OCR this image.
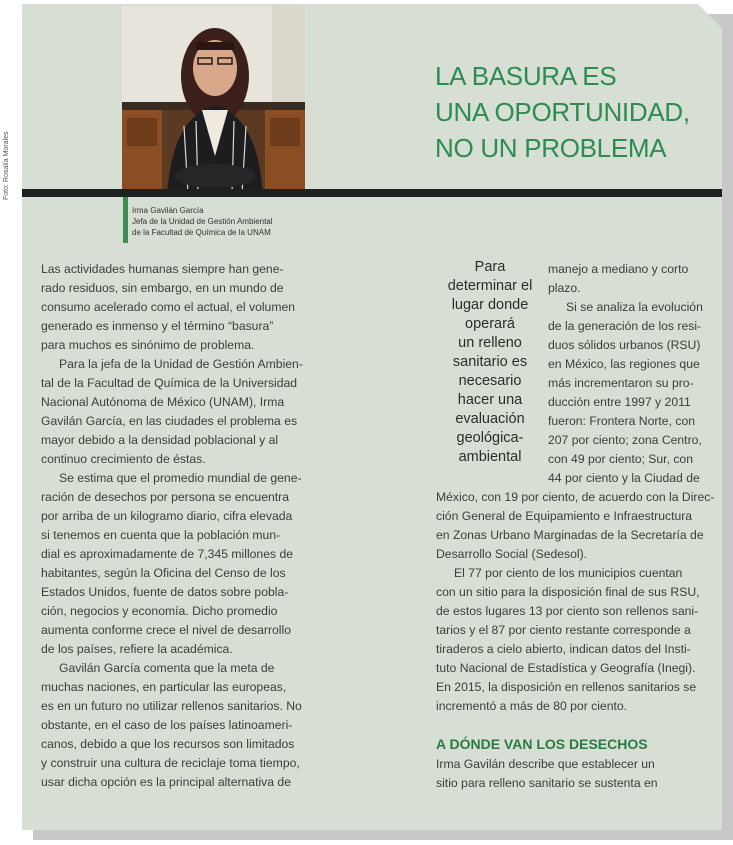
Foto: Rosalía Morales
LA BASURA ES
UNA OPORTUNIDAD,
NO UN PROBLEMA
Irma Gavilán García
Jefa de la Unidad de Gestión Ambiental
de la Facultad de Química de la UNAM
Las actividades humanas siempre han gene-
rado residuos, sin embargo, en un mundo de
consumo acelerado como el actual, el volumen
generado es inmenso y el término “basura”
para muchos es sinónimo de problema.
Para la jefa de la Unidad de Gestión Ambien-
tal de la Facultad de Química de la Universidad
Nacional Autónoma de México (UNAM), Irma
Gavilán García, en las ciudades el problema es
mayor debido a la densidad poblacional y al
continuo crecimiento de éstas.
Se estima que el promedio mundial de gene-
ración de desechos por persona se encuentra
por arriba de un kilogramo diario, cifra elevada
si tenemos en cuenta que la población mun-
dial es aproximadamente de 7,345 millones de
habitantes, según la Oficina del Censo de los
Estados Unidos, fuente de datos sobre pobla-
ción, negocios y economía. Dicho promedio
aumenta conforme crece el nivel de desarrollo
de los países, refiere la académica.
Gavilán García comenta que la meta de
muchas naciones, en particular las europeas,
es en un futuro no utilizar rellenos sanitarios. No
obstante, en el caso de los países latinoameri-
canos, debido a que los recursos son limitados
y construir una cultura de reciclaje toma tiempo,
usar dicha opción es la principal alternativa de
Para
determinar el
lugar donde
operará
un relleno
sanitario es
necesario
hacer una
evaluación
geológica-
ambiental
manejo a mediano y corto
plazo.
Si se analiza la evolución
de la generación de los resi-
duos sólidos urbanos (RSU)
en México, las regiones que
más incrementaron su pro-
ducción entre 1997 y 2011
fueron: Frontera Norte, con
207 por ciento; zona Centro,
con 49 por ciento; Sur, con
44 por ciento y la Ciudad de
México, con 19 por ciento, de acuerdo con la Direc-
ción General de Equipamiento e Infraestructura
en Zonas Urbano Marginadas de la Secretaría de
Desarrollo Social (Sedesol).
El 77 por ciento de los municipios cuentan
con un sitio para la disposición final de sus RSU,
de estos lugares 13 por ciento son rellenos sani-
tarios y el 87 por ciento restante corresponde a
tiraderos a cielo abierto, indican datos del Insti-
tuto Nacional de Estadística y Geografía (Inegi).
En 2015, la disposición en rellenos sanitarios se
incrementó a más de 80 por ciento.
A DÓNDE VAN LOS DESECHOS
Irma Gavilán describe que establecer un
sitio para relleno sanitario se sustenta en
